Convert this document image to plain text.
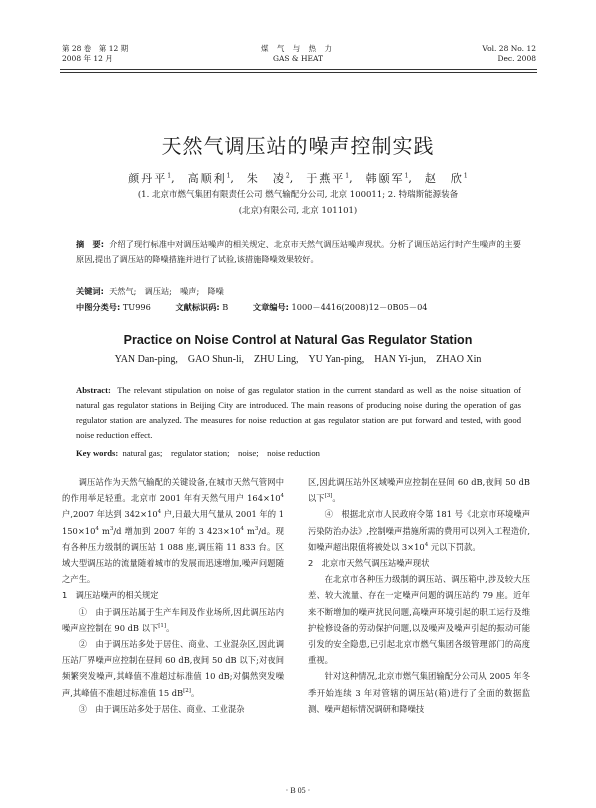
第 28 卷　第 12 期
2008 年 12 月
煤 气 与 热 力
GAS & HEAT
Vol. 28 No. 12
Dec. 2008
天然气调压站的噪声控制实践
颜丹平$^1$,  高顺利$^1$,  朱　凌$^2$,  于燕平$^1$,  韩颐军$^1$,  赵　欣$^1$
(1. 北京市燃气集团有限责任公司 燃气输配分公司, 北京 100011; 2. 特瑞斯能源装备
(北京)有限公司, 北京 101101)
摘　要: 介绍了现行标准中对调压站噪声的相关规定、北京市天然气调压站噪声现状。分析了调压站运行时产生噪声的主要原因,提出了调压站的降噪措施并进行了试验,该措施降噪效果较好。
关键词: 天然气;　调压站;　噪声;　降噪
中图分类号: TU996	文献标识码: B	文章编号: 1000－4416(2008)12－0B05－04
Practice on Noise Control at Natural Gas Regulator Station
YAN Dan-ping,　GAO Shun-li,　ZHU Ling,　YU Yan-ping,　HAN Yi-jun,　ZHAO Xin
Abstract: The relevant stipulation on noise of gas regulator station in the current standard as well as the noise situation of natural gas regulator stations in Beijing City are introduced. The main reasons of producing noise during the operation of gas regulator station are analyzed. The measures for noise reduction at gas regulator station are put forward and tested, with good noise reduction effect.
Key words: natural gas;　regulator station;　noise;　noise reduction

调压站作为天然气输配的关键设备,在城市天然气管网中的作用举足轻重。北京市 2001 年有天然气用户 $164\times 10^4$ 户,2007 年达到 $342\times 10^4$ 户,日最大用气量从 2001 年的 1 $150\times 10^4$ $m^3/d$ 增加到 2007 年的 3 $423\times 10^4$ $m^3/d$。现有各种压力级制的调压站 1 088 座,调压箱 11 833 台。区域大型调压站的流量随着城市的发展而迅速增加,噪声问题随之产生。

1　调压站噪声的相关规定

①　由于调压站属于生产车间及作业场所,因此调压站内噪声应控制在 90 dB 以下[1]。

②　由于调压站多处于居住、商业、工业混杂区,因此调压站厂界噪声应控制在昼间 60 dB,夜间 50 dB 以下;对夜间频繁突发噪声,其峰值不准超过标准值 10 dB;对偶然突发噪声,其峰值不准超过标准值 15 dB[2]。

③　由于调压站多处于居住、商业、工业混杂

区,因此调压站外区域噪声应控制在昼间 60 dB,夜间 50 dB 以下[3]。

④　根据北京市人民政府令第 181 号《北京市环境噪声污染防治办法》,控制噪声措施所需的费用可以列入工程造价,如噪声超出限值将被处以 $3\times 10^4$ 元以下罚款。

2　北京市天然气调压站噪声现状

在北京市各种压力级制的调压站、调压箱中,涉及较大压差、较大流量、存在一定噪声问题的调压站约 79 座。近年来不断增加的噪声扰民问题,高噪声环境引起的职工运行及维护检修设备的劳动保护问题,以及噪声及噪声引起的振动可能引发的安全隐患,已引起北京市燃气集团各级管理部门的高度重视。

针对这种情况,北京市燃气集团输配分公司从 2005 年冬季开始连续 3 年对管辖的调压站(箱)进行了全面的数据监测、噪声超标情况调研和降噪技

· B 05 ·
